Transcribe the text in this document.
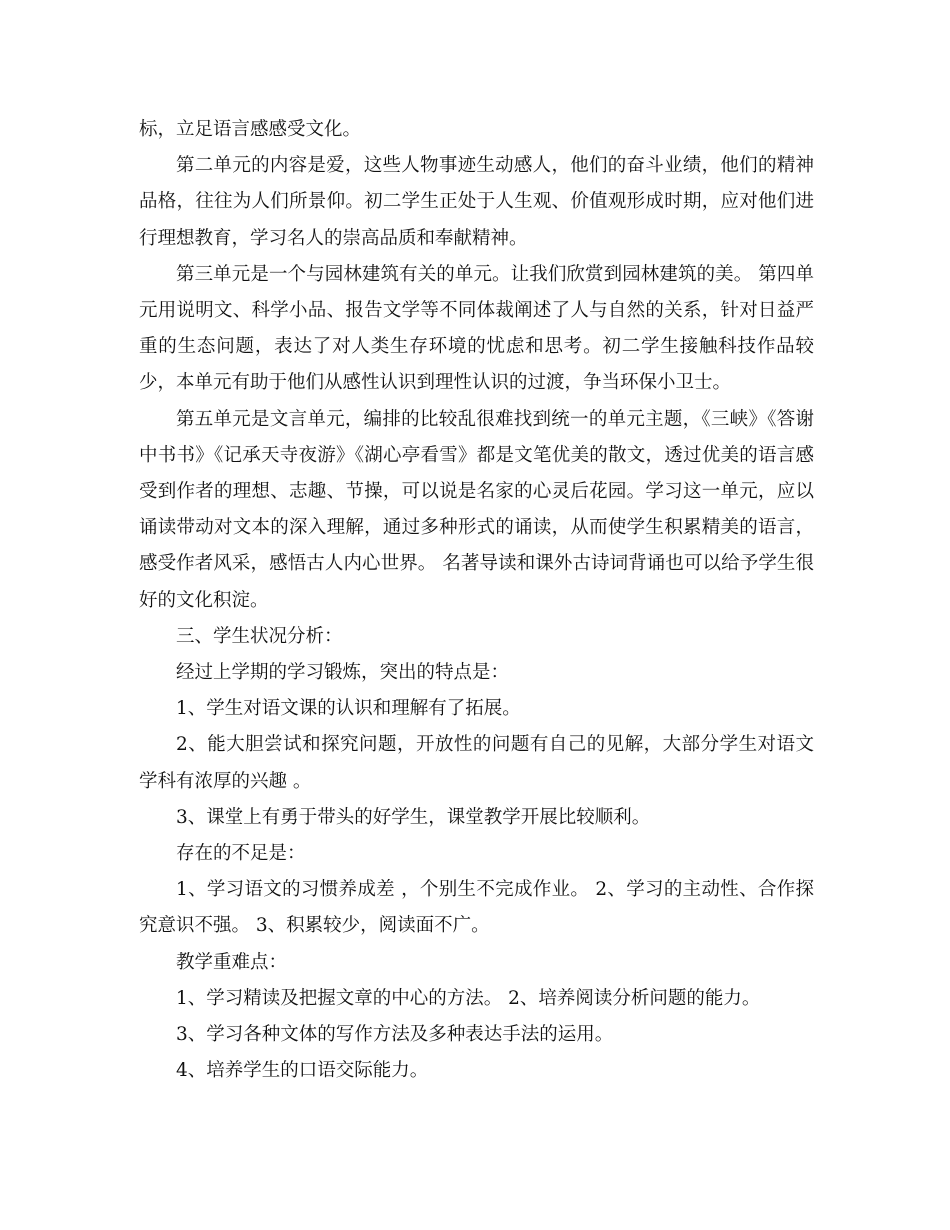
标，立足语言感感受文化。

第二单元的内容是爱，这些人物事迹生动感人，他们的奋斗业绩，他们的精神品格，往往为人们所景仰。初二学生正处于人生观、价值观形成时期，应对他们进行理想教育，学习名人的崇高品质和奉献精神。

第三单元是一个与园林建筑有关的单元。让我们欣赏到园林建筑的美。 第四单元用说明文、科学小品、报告文学等不同体裁阐述了人与自然的关系，针对日益严重的生态问题，表达了对人类生存环境的忧虑和思考。初二学生接触科技作品较少，本单元有助于他们从感性认识到理性认识的过渡，争当环保小卫士。

第五单元是文言单元，编排的比较乱很难找到统一的单元主题，《三峡》《答谢中书书》《记承天寺夜游》《湖心亭看雪》都是文笔优美的散文，透过优美的语言感受到作者的理想、志趣、节操，可以说是名家的心灵后花园。学习这一单元，应以诵读带动对文本的深入理解，通过多种形式的诵读，从而使学生积累精美的语言，感受作者风采，感悟古人内心世界。 名著导读和课外古诗词背诵也可以给予学生很好的文化积淀。

三、学生状况分析：

经过上学期的学习锻炼，突出的特点是：

1、学生对语文课的认识和理解有了拓展。

2、能大胆尝试和探究问题，开放性的问题有自己的见解，大部分学生对语文学科有浓厚的兴趣 。

3、课堂上有勇于带头的好学生，课堂教学开展比较顺利。

存在的不足是：

1、学习语文的习惯养成差 ，个别生不完成作业。 2、学习的主动性、合作探究意识不强。 3、积累较少，阅读面不广。

教学重难点：

1、学习精读及把握文章的中心的方法。 2、培养阅读分析问题的能力。

3、学习各种文体的写作方法及多种表达手法的运用。

4、培养学生的口语交际能力。
